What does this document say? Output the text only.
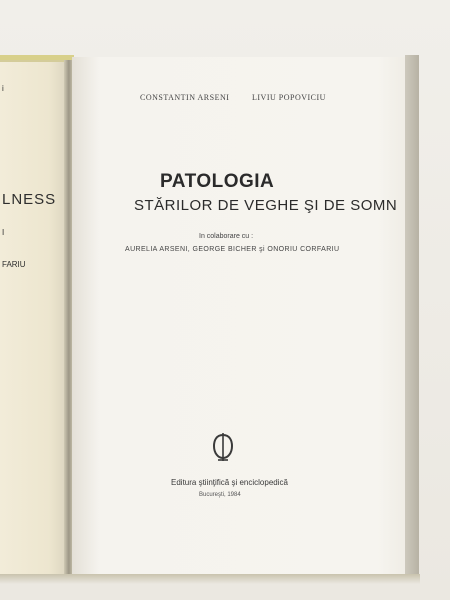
i
LNESS
I
FARIU
CONSTANTIN ARSENI	LIVIU POPOVICIU
PATOLOGIA
STĂRILOR DE VEGHE ŞI DE SOMN
In colaborare cu :
AURELIA ARSENI, GEORGE BICHER şi ONORIU CORFARIU
Editura ştiinţifică şi enciclopedică
Bucureşti, 1984
